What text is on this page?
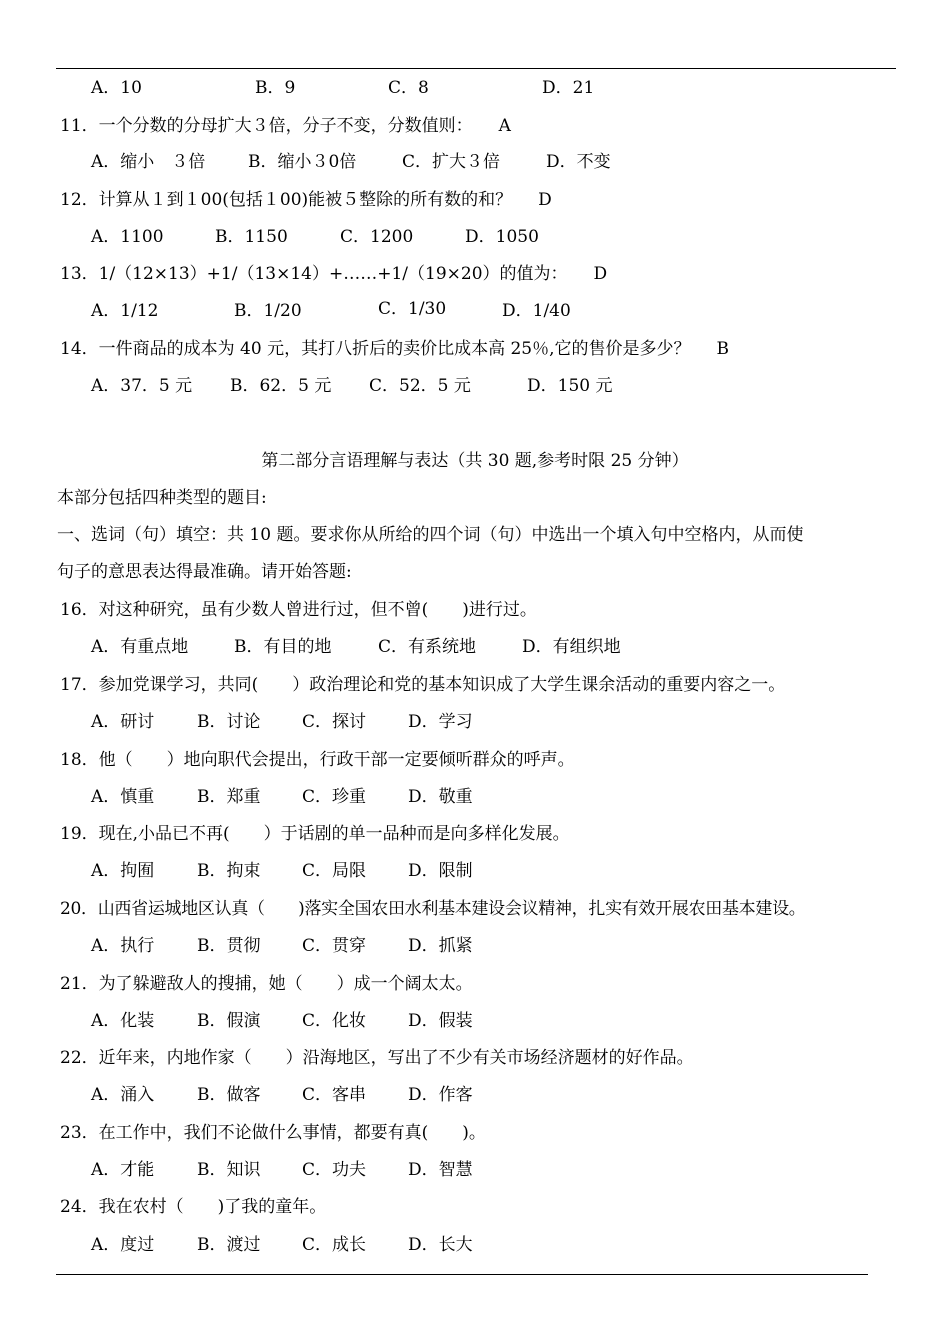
A．10	B．9	C．8	D．21
11．一个分数的分母扩大３倍，分子不变，分数值则： A
A．缩小　３倍	B．缩小３0倍	C．扩大３倍	D．不变
12．计算从１到１00(包括１00)能被５整除的所有数的和？ D
A．1100	B．1150	C．1200	D．1050
13．1/（12×13）+1/（13×14）+……+1/（19×20）的值为： D
A．1/12	B．1/20	C．1/30	D．1/40
14．一件商品的成本为 40 元，其打八折后的卖价比成本高 25％,它的售价是多少？ B
A．37．5 元 B．62．5 元 C．52．5 元	D．150 元
第二部分言语理解与表达（共 30 题,参考时限 25 分钟）
本部分包括四种类型的题目:
一、选词（句）填空：共 10 题。要求你从所给的四个词（句）中选出一个填入句中空格内，从而使
句子的意思表达得最准确。请开始答题:
16．对这种研究，虽有少数人曾进行过，但不曾(　　)进行过。
A．有重点地	B．有目的地	C．有系统地	D．有组织地
17．参加党课学习，共同(　　）政治理论和党的基本知识成了大学生课余活动的重要内容之一。
A．研讨	B．讨论 C．探讨 D．学习
18．他（　　）地向职代会提出，行政干部一定要倾听群众的呼声。
A．慎重	B．郑重 C．珍重 D．敬重
19．现在,小品已不再(　　）于话剧的单一品种而是向多样化发展。
A．拘囿	B．拘束 C．局限 D．限制
20．山西省运城地区认真（　　)落实全国农田水利基本建设会议精神，扎实有效开展农田基本建设。
A．执行	B．贯彻 C．贯穿 D．抓紧
21．为了躲避敌人的搜捕，她（　　）成一个阔太太。
A．化装	B．假演 C．化妆 D．假装
22．近年来，内地作家（　　）沿海地区，写出了不少有关市场经济题材的好作品。
A．涌入	B．做客 C．客串 D．作客
23．在工作中，我们不论做什么事情，都要有真(　　)。
A．才能	B．知识 C．功夫 D．智慧
24．我在农村（　　)了我的童年。
A．度过	B．渡过 C．成长 D．长大
